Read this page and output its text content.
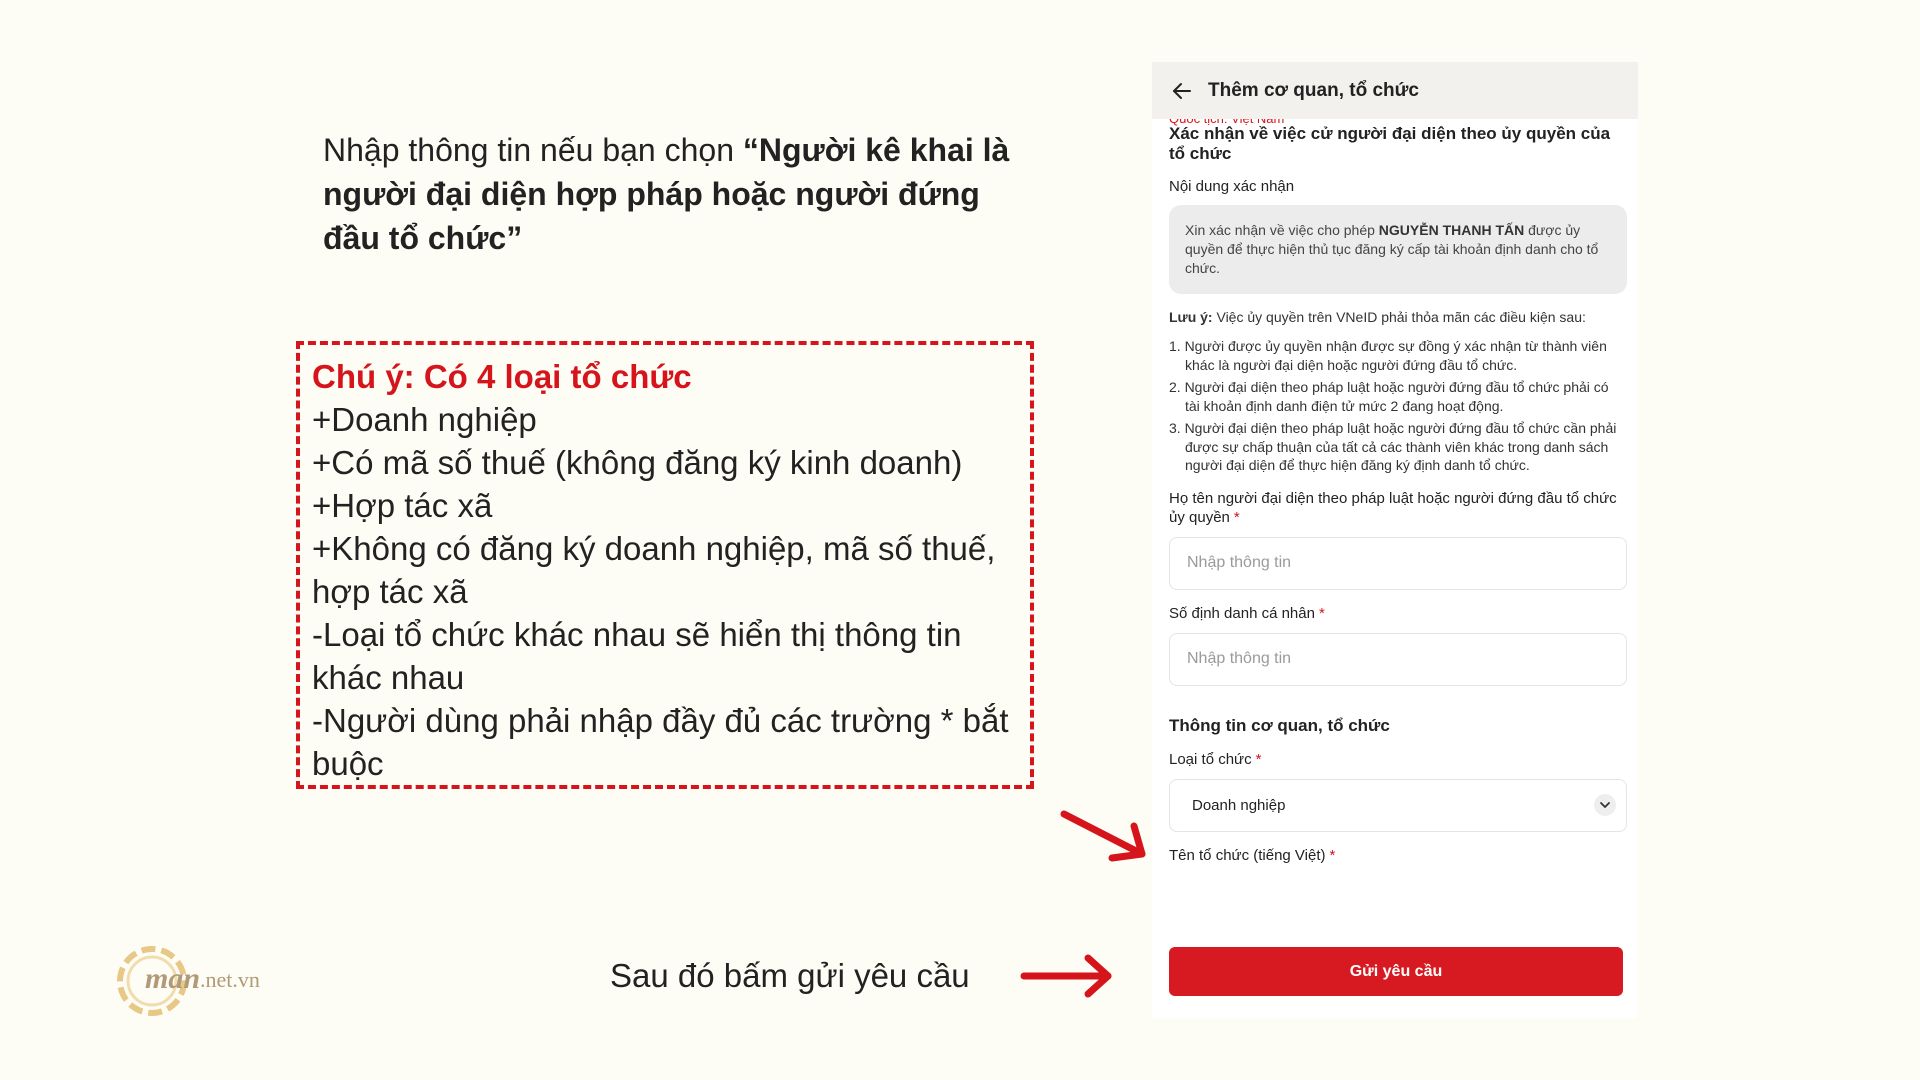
Nhập thông tin nếu bạn chọn “Người kê khai là người đại diện hợp pháp hoặc người đứng đầu tổ chức”
Chú ý: Có 4 loại tổ chức
+Doanh nghiệp
+Có mã số thuế (không đăng ký kinh doanh)
+Hợp tác xã
+Không có đăng ký doanh nghiệp, mã số thuế, hợp tác xã
-Loại tổ chức khác nhau sẽ hiển thị thông tin khác nhau
-Người dùng phải nhập đầy đủ các trường * bắt buộc
Sau đó bấm gửi yêu cầu
man .net.vn
Thêm cơ quan, tổ chức
Xác nhận về việc cử người đại diện theo ủy quyền của tổ chức
Nội dung xác nhận
Xin xác nhận về việc cho phép NGUYỄN THANH TẤN được ủy quyền để thực hiện thủ tục đăng ký cấp tài khoản định danh cho tổ chức.
Lưu ý: Việc ủy quyền trên VNeID phải thỏa mãn các điều kiện sau:
1. Người được ủy quyền nhận được sự đồng ý xác nhận từ thành viên khác là người đại diện hoặc người đứng đầu tổ chức.
2. Người đại diện theo pháp luật hoặc người đứng đầu tổ chức phải có tài khoản định danh điện tử mức 2 đang hoạt động.
3. Người đại diện theo pháp luật hoặc người đứng đầu tổ chức cần phải được sự chấp thuận của tất cả các thành viên khác trong danh sách người đại diện để thực hiện đăng ký định danh tổ chức.
Họ tên người đại diện theo pháp luật hoặc người đứng đầu tổ chức ủy quyền *
Nhập thông tin
Số định danh cá nhân *
Nhập thông tin
Thông tin cơ quan, tổ chức
Loại tổ chức *
Doanh nghiệp
Tên tổ chức (tiếng Việt) *
Gửi yêu cầu
